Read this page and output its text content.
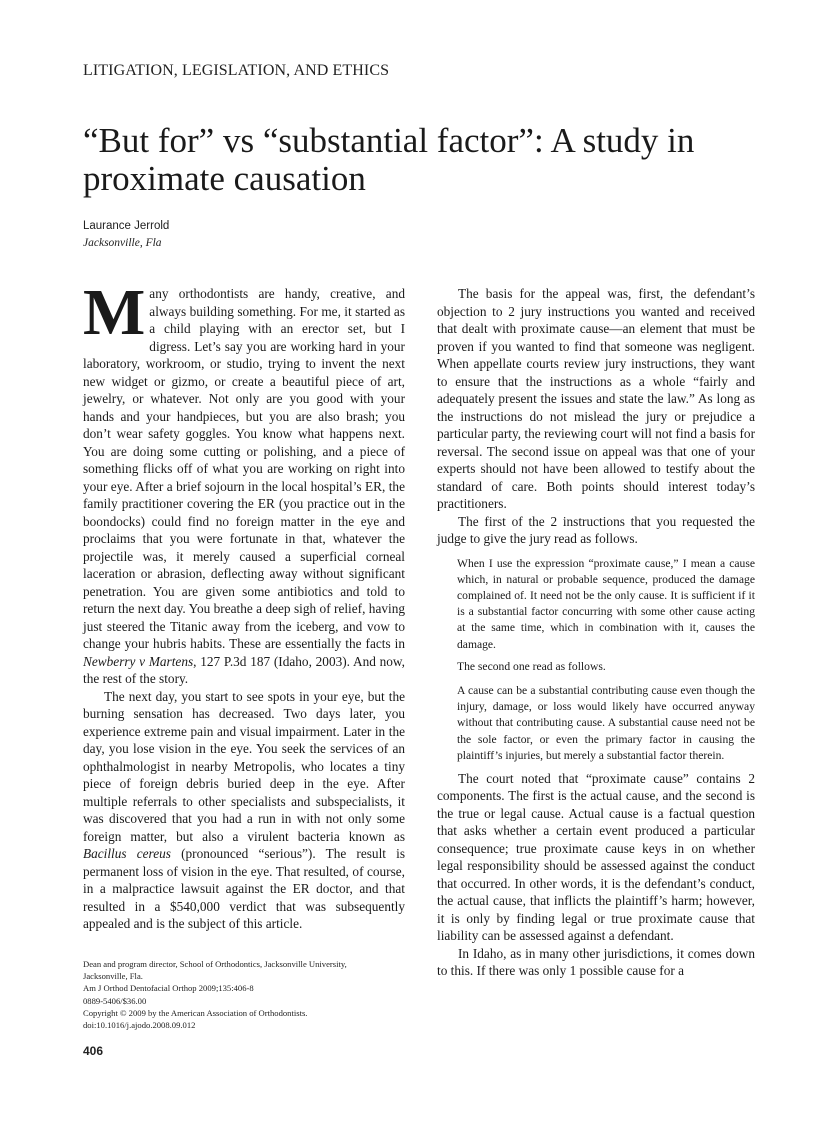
LITIGATION, LEGISLATION, AND ETHICS
“But for” vs “substantial factor”: A study in proximate causation
Laurance Jerrold
Jacksonville, Fla

Many orthodontists are handy, creative, and always building something. For me, it started as a child playing with an erector set, but I digress. Let’s say you are working hard in your laboratory, workroom, or studio, trying to invent the next new widget or gizmo, or create a beautiful piece of art, jewelry, or whatever. Not only are you good with your hands and your handpieces, but you are also brash; you don’t wear safety goggles. You know what happens next. You are doing some cutting or polishing, and a piece of something flicks off of what you are working on right into your eye. After a brief sojourn in the local hospital’s ER, the family practitioner covering the ER (you practice out in the boondocks) could find no foreign matter in the eye and proclaims that you were fortunate in that, whatever the projectile was, it merely caused a superficial corneal laceration or abrasion, deflecting away without significant penetration. You are given some antibiotics and told to return the next day. You breathe a deep sigh of relief, having just steered the Titanic away from the iceberg, and vow to change your hubris habits. These are essentially the facts in Newberry v Martens, 127 P.3d 187 (Idaho, 2003). And now, the rest of the story.

The next day, you start to see spots in your eye, but the burning sensation has decreased. Two days later, you experience extreme pain and visual impairment. Later in the day, you lose vision in the eye. You seek the services of an ophthalmologist in nearby Metropolis, who locates a tiny piece of foreign debris buried deep in the eye. After multiple referrals to other specialists and subspecialists, it was discovered that you had a run in with not only some foreign matter, but also a virulent bacteria known as Bacillus cereus (pronounced “serious”). The result is permanent loss of vision in the eye. That resulted, of course, in a malpractice lawsuit against the ER doctor, and that resulted in a $540,000 verdict that was subsequently appealed and is the subject of this article.

The basis for the appeal was, first, the defendant’s objection to 2 jury instructions you wanted and received that dealt with proximate cause—an element that must be proven if you wanted to find that someone was negligent. When appellate courts review jury instructions, they want to ensure that the instructions as a whole “fairly and adequately present the issues and state the law.” As long as the instructions do not mislead the jury or prejudice a particular party, the reviewing court will not find a basis for reversal. The second issue on appeal was that one of your experts should not have been allowed to testify about the standard of care. Both points should interest today’s practitioners.

The first of the 2 instructions that you requested the judge to give the jury read as follows.

When I use the expression “proximate cause,” I mean a cause which, in natural or probable sequence, produced the damage complained of. It need not be the only cause. It is sufficient if it is a substantial factor concurring with some other cause acting at the same time, which in combination with it, causes the damage.
The second one read as follows.
A cause can be a substantial contributing cause even though the injury, damage, or loss would likely have occurred anyway without that contributing cause. A substantial cause need not be the sole factor, or even the primary factor in causing the plaintiff’s injuries, but merely a substantial factor therein.

The court noted that “proximate cause” contains 2 components. The first is the actual cause, and the second is the true or legal cause. Actual cause is a factual question that asks whether a certain event produced a particular consequence; true proximate cause keys in on whether legal responsibility should be assessed against the conduct that occurred. In other words, it is the defendant’s conduct, the actual cause, that inflicts the plaintiff’s harm; however, it is only by finding legal or true proximate cause that liability can be assessed against a defendant.

In Idaho, as in many other jurisdictions, it comes down to this. If there was only 1 possible cause for a

Dean and program director, School of Orthodontics, Jacksonville University,
Jacksonville, Fla.
Am J Orthod Dentofacial Orthop 2009;135:406-8
0889-5406/$36.00
Copyright © 2009 by the American Association of Orthodontists.
doi:10.1016/j.ajodo.2008.09.012
406
